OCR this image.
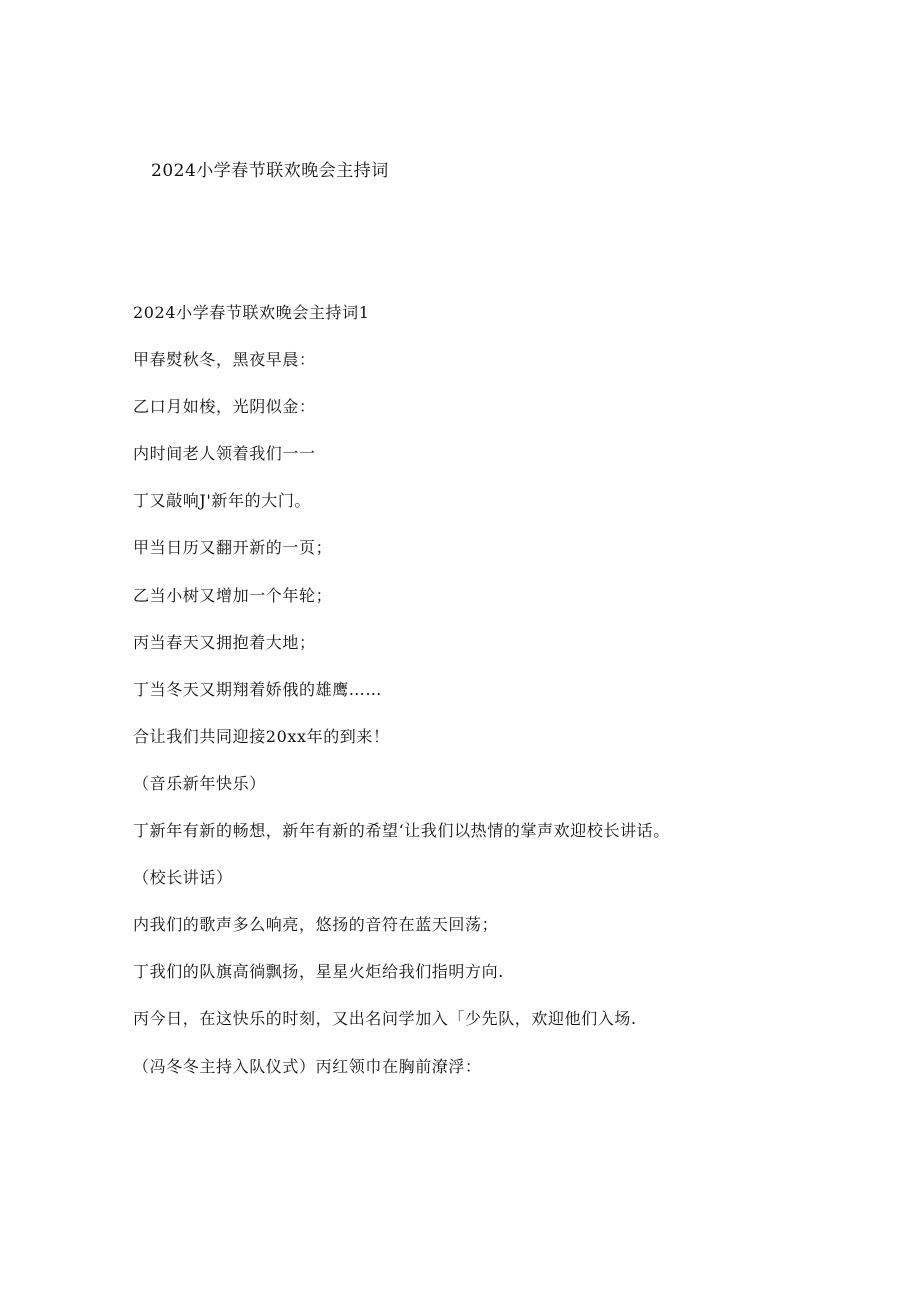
2024小学春节联欢晚会主持词

2024小学春节联欢晚会主持词1

甲春熨秋冬，黑夜早晨：

乙口月如梭，光阴似金：

内时间老人领着我们一一

丁又敲响J'新年的大门。

甲当日历又翻开新的一页；

乙当小树又增加一个年轮；

丙当春天又拥抱着大地；

丁当冬天又期翔着娇俄的雄鹰……

合让我们共同迎接20xx年的到来！

（音乐新年快乐）

丁新年有新的畅想，新年有新的希望‘让我们以热情的掌声欢迎校长讲话。

（校长讲话）

内我们的歌声多么响亮，悠扬的音符在蓝天回荡；

丁我们的队旗高徜飘扬，星星火炬给我们指明方向.

丙今日，在这快乐的时刻，又出名问学加入「少先队，欢迎他们入场.

（冯冬冬主持入队仪式）丙红领巾在胸前潦浮：
